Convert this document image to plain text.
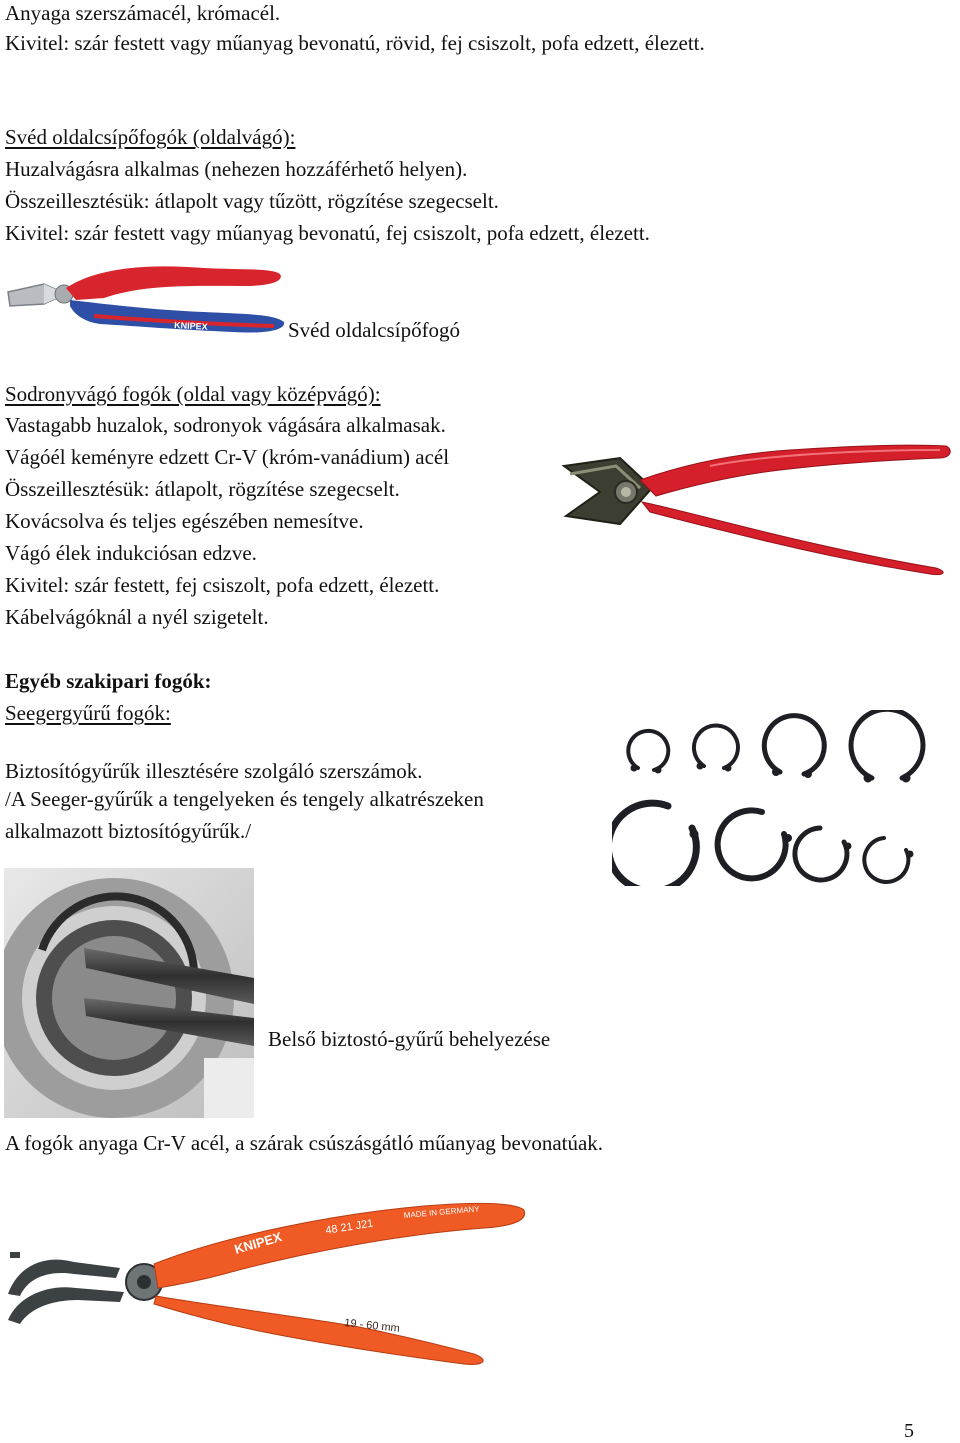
Anyaga szerszámacél, krómacél.
Kivitel: szár festett vagy műanyag bevonatú, rövid, fej csiszolt, pofa edzett, élezett.
Svéd oldalcsípőfogók (oldalvágó):
Huzalvágásra alkalmas (nehezen hozzáférhető helyen).
Összeillesztésük: átlapolt vagy tűzött, rögzítése szegecselt.
Kivitel: szár festett vagy műanyag bevonatú, fej csiszolt, pofa edzett, élezett.
KNIPEX	Svéd oldalcsípőfogó
Sodronyvágó fogók (oldal vagy középvágó):
Vastagabb huzalok, sodronyok vágására alkalmasak.
Vágóél keményre edzett Cr-V (króm-vanádium) acél
Összeillesztésük: átlapolt, rögzítése szegecselt.
Kovácsolva és teljes egészében nemesítve.
Vágó élek indukciósan edzve.
Kivitel: szár festett, fej csiszolt, pofa edzett, élezett.
Kábelvágóknál a nyél szigetelt.
Egyéb szakipari fogók:
Seegergyűrű fogók:
Biztosítógyűrűk illesztésére szolgáló szerszámok.
/A Seeger-gyűrűk a tengelyeken és tengely alkatrészeken
alkalmazott biztosítógyűrűk./
Belső biztostó-gyűrű behelyezése
A fogók anyaga Cr-V acél, a szárak csúszásgátló műanyag bevonatúak.
KNIPEX
48 21 J21
MADE IN GERMANY
19 - 60 mm
5
